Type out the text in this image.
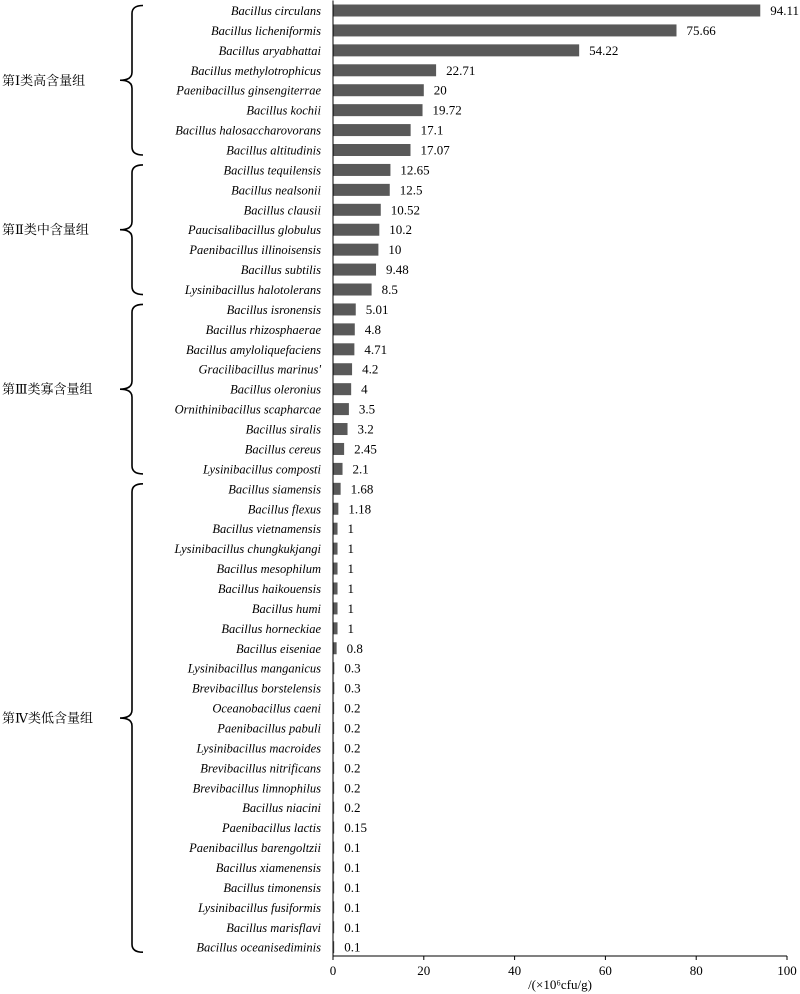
Bacillus circulans
Bacillus licheniformis
Bacillus aryabhattai
Bacillus methylotrophicus
Paenibacillus ginsengiterrae
Bacillus kochii
Bacillus halosaccharovorans
Bacillus altitudinis
Bacillus tequilensis
Bacillus nealsonii
Bacillus clausii
Paucisalibacillus globulus
Paenibacillus illinoisensis
Bacillus subtilis
Lysinibacillus halotolerans
Bacillus isronensis
Bacillus rhizosphaerae
Bacillus amyloliquefaciens
Gracilibacillus marinus'
Bacillus oleronius
Ornithinibacillus scapharcae
Bacillus siralis
Bacillus cereus
Lysinibacillus composti
Bacillus siamensis
Bacillus flexus
Bacillus vietnamensis
Lysinibacillus chungkukjangi
Bacillus mesophilum
Bacillus haikouensis
Bacillus humi
Bacillus horneckiae
Bacillus eiseniae
Lysinibacillus manganicus
Brevibacillus borstelensis
Oceanobacillus caeni
Paenibacillus pabuli
Lysinibacillus macroides
Brevibacillus nitrificans
Brevibacillus limnophilus
Bacillus niacini
Paenibacillus lactis
Paenibacillus barengoltzii
Bacillus xiamenensis
Bacillus timonensis
Lysinibacillus fusiformis
Bacillus marisflavi
Bacillus oceanisediminis
94.11
75.66
54.22
22.71
20
19.72
17.1
17.07
12.65
12.5
10.52
10.2
10
9.48
8.5
5.01
4.8
4.71
4.2
4
3.5
3.2
2.45
2.1
1.68
1.18
1
1
1
1
1
1
0.8
0.3
0.3
0.2
0.2
0.2
0.2
0.2
0.2
0.15
0.1
0.1
0.1
0.1
0.1
0.1
第Ⅰ类高含量组
第Ⅱ类中含量组
第Ⅲ类寡含量组
第Ⅳ类低含量组
0	20	40	60	80	100
/(×10⁶cfu/g)
